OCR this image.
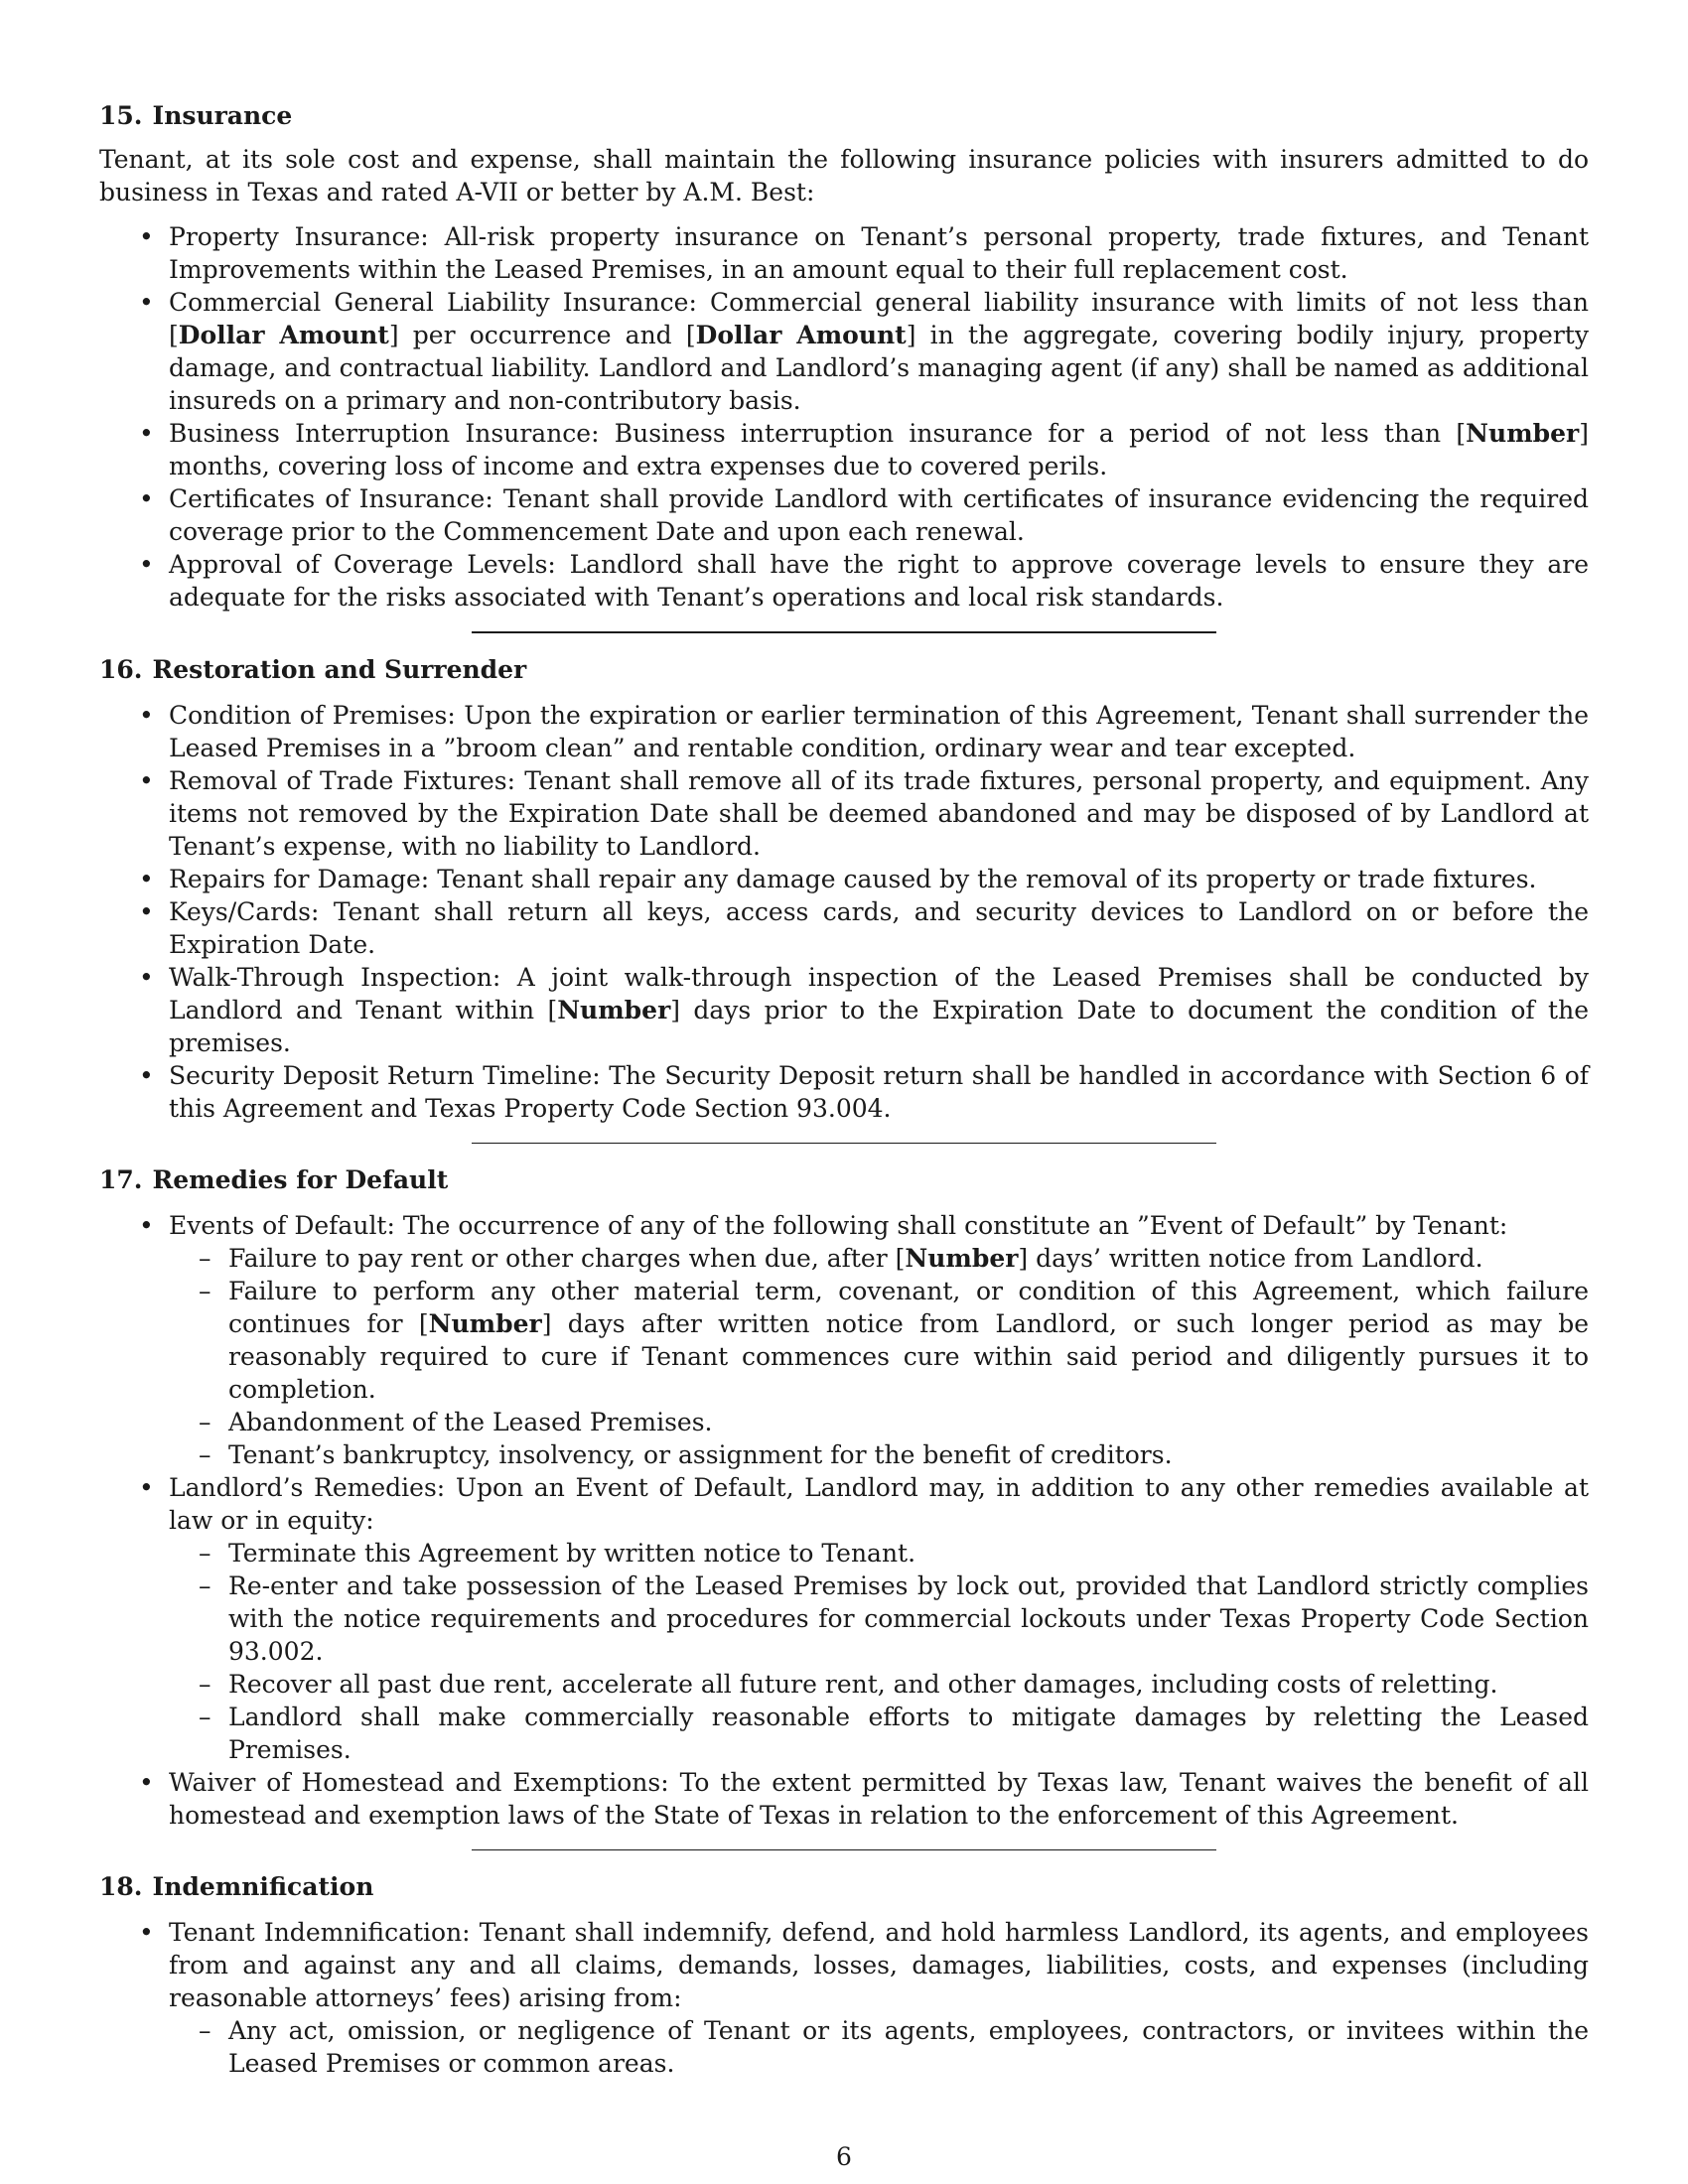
15. Insurance

Tenant, at its sole cost and expense, shall maintain the following insurance policies with insurers admitted to do business in Texas and rated A-VII or better by A.M. Best:

• Property Insurance: All-risk property insurance on Tenant’s personal property, trade fixtures, and Tenant Improvements within the Leased Premises, in an amount equal to their full replacement cost.
• Commercial General Liability Insurance: Commercial general liability insurance with limits of not less than [Dollar Amount] per occurrence and [Dollar Amount] in the aggregate, covering bodily injury, property damage, and contractual liability. Landlord and Landlord’s managing agent (if any) shall be named as additional insureds on a primary and non-contributory basis.
• Business Interruption Insurance: Business interruption insurance for a period of not less than [Number] months, covering loss of income and extra expenses due to covered perils.
• Certificates of Insurance: Tenant shall provide Landlord with certificates of insurance evidencing the required coverage prior to the Commencement Date and upon each renewal.
• Approval of Coverage Levels: Landlord shall have the right to approve coverage levels to ensure they are adequate for the risks associated with Tenant’s operations and local risk standards.
16. Restoration and Surrender
• Condition of Premises: Upon the expiration or earlier termination of this Agreement, Tenant shall surrender the Leased Premises in a ”broom clean” and rentable condition, ordinary wear and tear excepted.
• Removal of Trade Fixtures: Tenant shall remove all of its trade fixtures, personal property, and equipment. Any items not removed by the Expiration Date shall be deemed abandoned and may be disposed of by Landlord at Tenant’s expense, with no liability to Landlord.
• Repairs for Damage: Tenant shall repair any damage caused by the removal of its property or trade fixtures.
• Keys/Cards: Tenant shall return all keys, access cards, and security devices to Landlord on or before the Expiration Date.
• Walk-Through Inspection: A joint walk-through inspection of the Leased Premises shall be conducted by Landlord and Tenant within [Number] days prior to the Expiration Date to document the condition of the premises.
• Security Deposit Return Timeline: The Security Deposit return shall be handled in accordance with Section 6 of this Agreement and Texas Property Code Section 93.004.
17. Remedies for Default
• Events of Default: The occurrence of any of the following shall constitute an ”Event of Default” by Tenant:
– Failure to pay rent or other charges when due, after [Number] days’ written notice from Landlord.
– Failure to perform any other material term, covenant, or condition of this Agreement, which failure continues for [Number] days after written notice from Landlord, or such longer period as may be reasonably required to cure if Tenant commences cure within said period and diligently pursues it to completion.
– Abandonment of the Leased Premises.
– Tenant’s bankruptcy, insolvency, or assignment for the benefit of creditors.
• Landlord’s Remedies: Upon an Event of Default, Landlord may, in addition to any other remedies available at law or in equity:
– Terminate this Agreement by written notice to Tenant.
– Re-enter and take possession of the Leased Premises by lock out, provided that Landlord strictly complies with the notice requirements and procedures for commercial lockouts under Texas Property Code Section 93.002.
– Recover all past due rent, accelerate all future rent, and other damages, including costs of reletting.
– Landlord shall make commercially reasonable efforts to mitigate damages by reletting the Leased Premises.
• Waiver of Homestead and Exemptions: To the extent permitted by Texas law, Tenant waives the benefit of all homestead and exemption laws of the State of Texas in relation to the enforcement of this Agreement.
18. Indemnification
• Tenant Indemnification: Tenant shall indemnify, defend, and hold harmless Landlord, its agents, and employees from and against any and all claims, demands, losses, damages, liabilities, costs, and expenses (including reasonable attorneys’ fees) arising from:
– Any act, omission, or negligence of Tenant or its agents, employees, contractors, or invitees within the Leased Premises or common areas.
6
